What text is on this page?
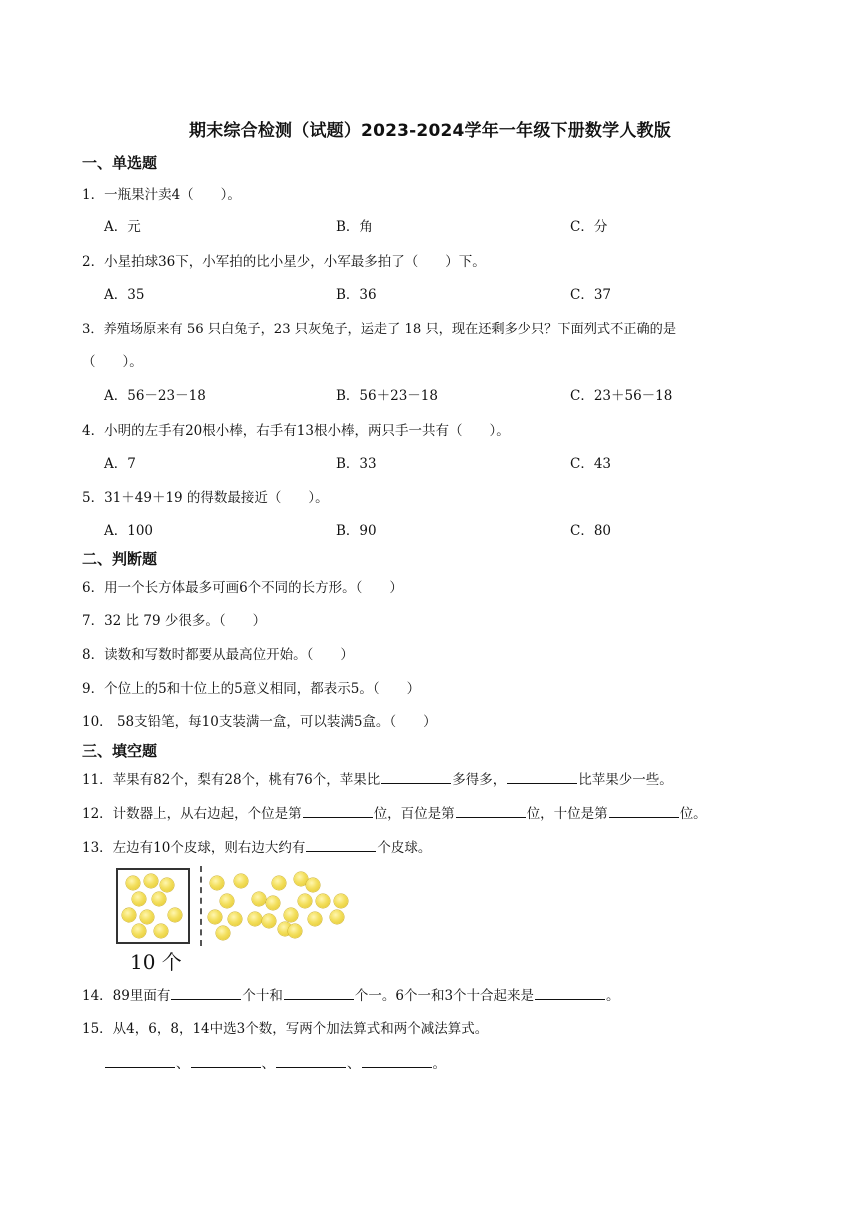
期末综合检测（试题）2023-2024学年一年级下册数学人教版
一、单选题
1．一瓶果汁卖4（　　）。
A．元	B．角	C．分
2．小星拍球36下，小军拍的比小星少，小军最多拍了（　　）下。
A．35	B．36	C．37
3．养殖场原来有 56 只白兔子，23 只灰兔子，运走了 18 只，现在还剩多少只？下面列式不正确的是
（　　）。
A．56－23－18	B．56＋23－18	C．23＋56－18
4．小明的左手有20根小棒，右手有13根小棒，两只手一共有（　　）。
A．7	B．33	C．43
5．31＋49＋19 的得数最接近（　　）。
A．100	B．90	C．80
二、判断题
6．用一个长方体最多可画6个不同的长方形。（　　）
7．32 比 79 少很多。（　　）
8．读数和写数时都要从最高位开始。（　　）
9．个位上的5和十位上的5意义相同，都表示5。（　　）
10． 58支铅笔，每10支装满一盒，可以装满5盒。（　　）
三、填空题
11．苹果有82个，梨有28个，桃有76个，苹果比	多得多，	比苹果少一些。
12．计数器上，从右边起，个位是第	位，百位是第	位，十位是第	位。
13．左边有10个皮球，则右边大约有	个皮球。
10 个
14．89里面有	个十和	个一。6个一和3个十合起来是	。
15．从4，6，8，14中选3个数，写两个加法算式和两个减法算式。
、	、	、	。
